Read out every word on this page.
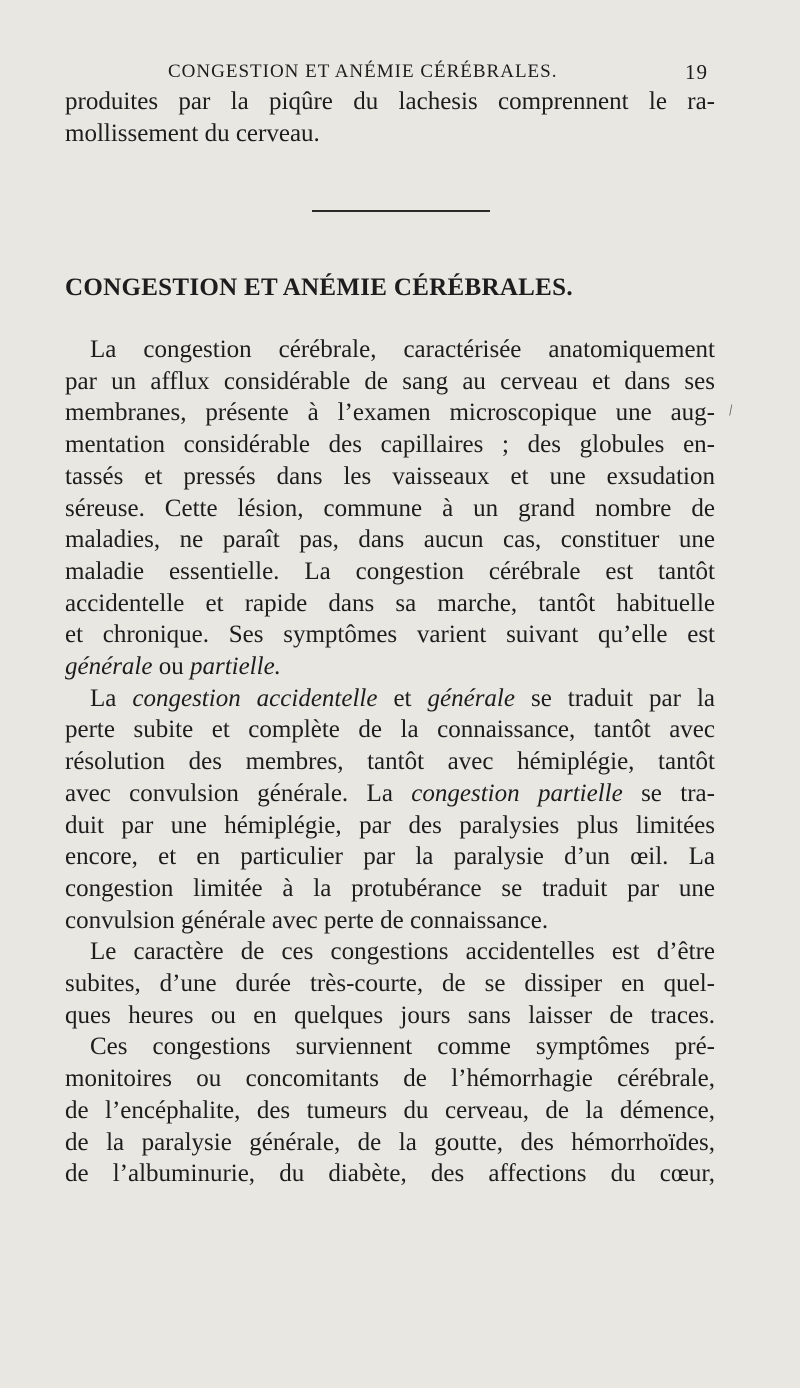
CONGESTION ET ANÉMIE CÉRÉBRALES.	19
produites par la piqûre du lachesis comprennent le ra-
mollissement du cerveau.
CONGESTION ET ANÉMIE CÉRÉBRALES.
La congestion cérébrale, caractérisée anatomiquement
par un afflux considérable de sang au cerveau et dans ses
membranes, présente à l’examen microscopique une aug-
mentation considérable des capillaires ; des globules en-
tassés et pressés dans les vaisseaux et une exsudation
séreuse. Cette lésion, commune à un grand nombre de
maladies, ne paraît pas, dans aucun cas, constituer une
maladie essentielle. La congestion cérébrale est tantôt
accidentelle et rapide dans sa marche, tantôt habituelle
et chronique. Ses symptômes varient suivant qu’elle est
générale ou partielle.
La congestion accidentelle et générale se traduit par la
perte subite et complète de la connaissance, tantôt avec
résolution des membres, tantôt avec hémiplégie, tantôt
avec convulsion générale. La congestion partielle se tra-
duit par une hémiplégie, par des paralysies plus limitées
encore, et en particulier par la paralysie d’un œil. La
congestion limitée à la protubérance se traduit par une
convulsion générale avec perte de connaissance.
Le caractère de ces congestions accidentelles est d’être
subites, d’une durée très-courte, de se dissiper en quel-
ques heures ou en quelques jours sans laisser de traces.
Ces congestions surviennent comme symptômes pré-
monitoires ou concomitants de l’hémorrhagie cérébrale,
de l’encéphalite, des tumeurs du cerveau, de la démence,
de la paralysie générale, de la goutte, des hémorrhoïdes,
de l’albuminurie, du diabète, des affections du cœur,
\
